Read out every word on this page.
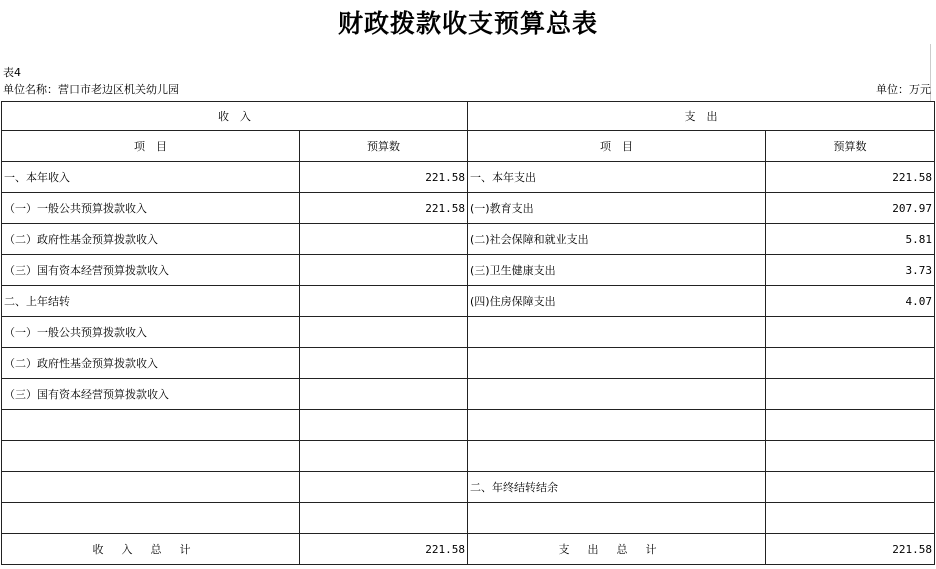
财政拨款收支预算总表
表4
单位名称：营口市老边区机关幼儿园	单位：万元
收　入		支　出	
项　目	预算数	项　目	预算数
一、本年收入	221.58	一、本年支出	221.58
（一）一般公共预算拨款收入	221.58	(一)教育支出	207.97
（二）政府性基金预算拨款收入		(二)社会保障和就业支出	5.81
（三）国有资本经营预算拨款收入		(三)卫生健康支出	3.73
二、上年结转		(四)住房保障支出	4.07
（一）一般公共预算拨款收入			
（二）政府性基金预算拨款收入			
（三）国有资本经营预算拨款收入			

		二、年终结转结余	

收入总计	221.58	支出总计	221.58
